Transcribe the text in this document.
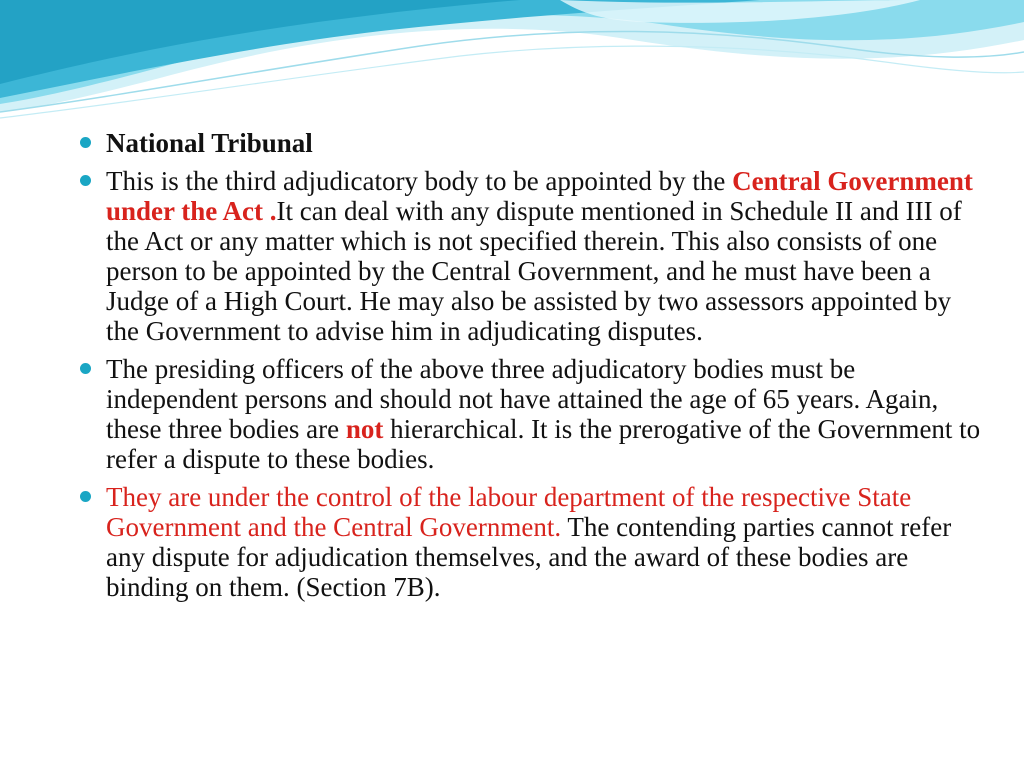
National Tribunal
This is the third adjudicatory body to be appointed by the Central Government under the Act .It can deal with any dispute mentioned in Schedule II and III of the Act or any matter which is not specified therein. This also consists of one person to be appointed by the Central Government, and he must have been a Judge of a High Court. He may also be assisted by two assessors appointed by the Government to advise him in adjudicating disputes.
The presiding officers of the above three adjudicatory bodies must be independent persons and should not have attained the age of 65 years. Again, these three bodies are not hierarchical. It is the prerogative of the Government to refer a dispute to these bodies.
They are under the control of the labour department of the respective State Government and the Central Government. The contending parties cannot refer any dispute for adjudication themselves, and the award of these bodies are binding on them. (Section 7B).
